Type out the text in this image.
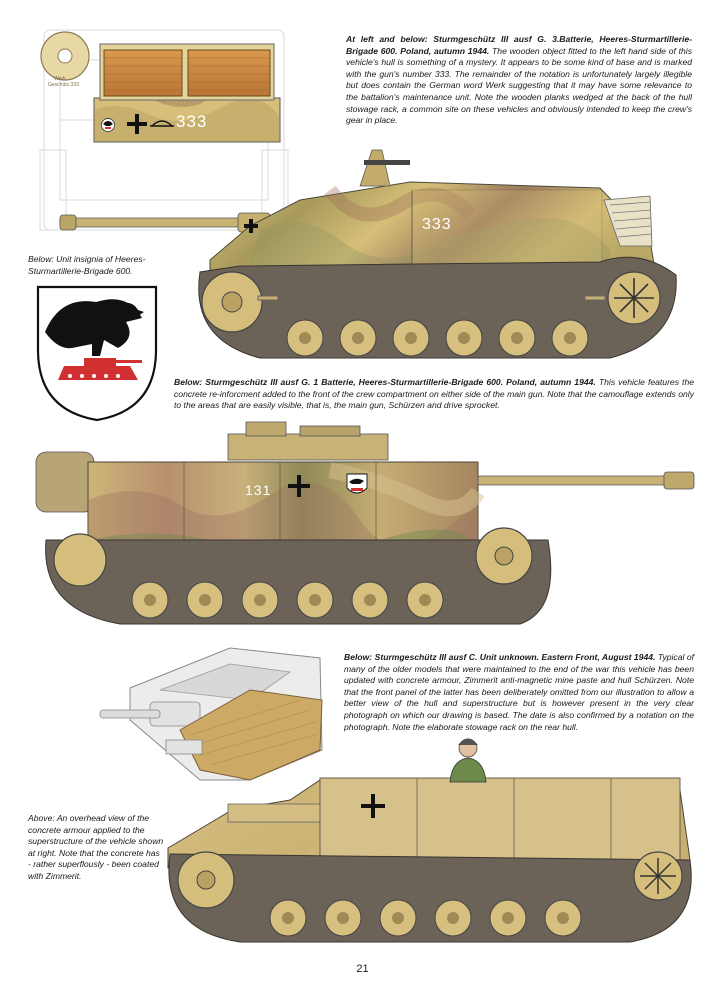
333
333
131
Werk
Geschütz 333
At left and below: Sturmgeschütz III ausf G. 3.Batterie, Heeres-Sturmartillerie-Brigade 600. Poland, autumn 1944. The wooden object fitted to the left hand side of this vehicle's hull is something of a mystery. It appears to be some kind of base and is marked with the gun's number 333. The remainder of the notation is unfortunately largely illegible but does contain the German word Werk suggesting that it may have some relevance to the battalion's maintenance unit. Note the wooden planks wedged at the back of the hull stowage rack, a common site on these vehicles and obviously intended to keep the crew's gear in place.
Below: Unit insignia of Heeres-Sturmartillerie-Brigade 600.
Below: Sturmgeschütz III ausf G. 1 Batterie, Heeres-Sturmartillerie-Brigade 600. Poland, autumn 1944. This vehicle features the concrete re-inforcment added to the front of the crew compartment on either side of the main gun. Note that the camouflage extends only to the areas that are easily visible, that is, the main gun, Schürzen and drive sprocket.
Below: Sturmgeschütz III ausf C. Unit unknown. Eastern Front, August 1944. Typical of many of the older models that were maintained to the end of the war this vehicle has been updated with concrete armour, Zimmerit anti-magnetic mine paste and hull Schürzen. Note that the front panel of the latter has been deliberately omitted from our illustration to allow a better view of the hull and superstructure but is however present in the very clear photograph on which our drawing is based. The date is also confirmed by a notation on the photograph. Note the elaborate stowage rack on the rear hull.
Above: An overhead view of the concrete armour applied to the superstructure of the vehicle shown at right. Note that the concrete has - rather superflously - been coated with Zimmerit.
21
